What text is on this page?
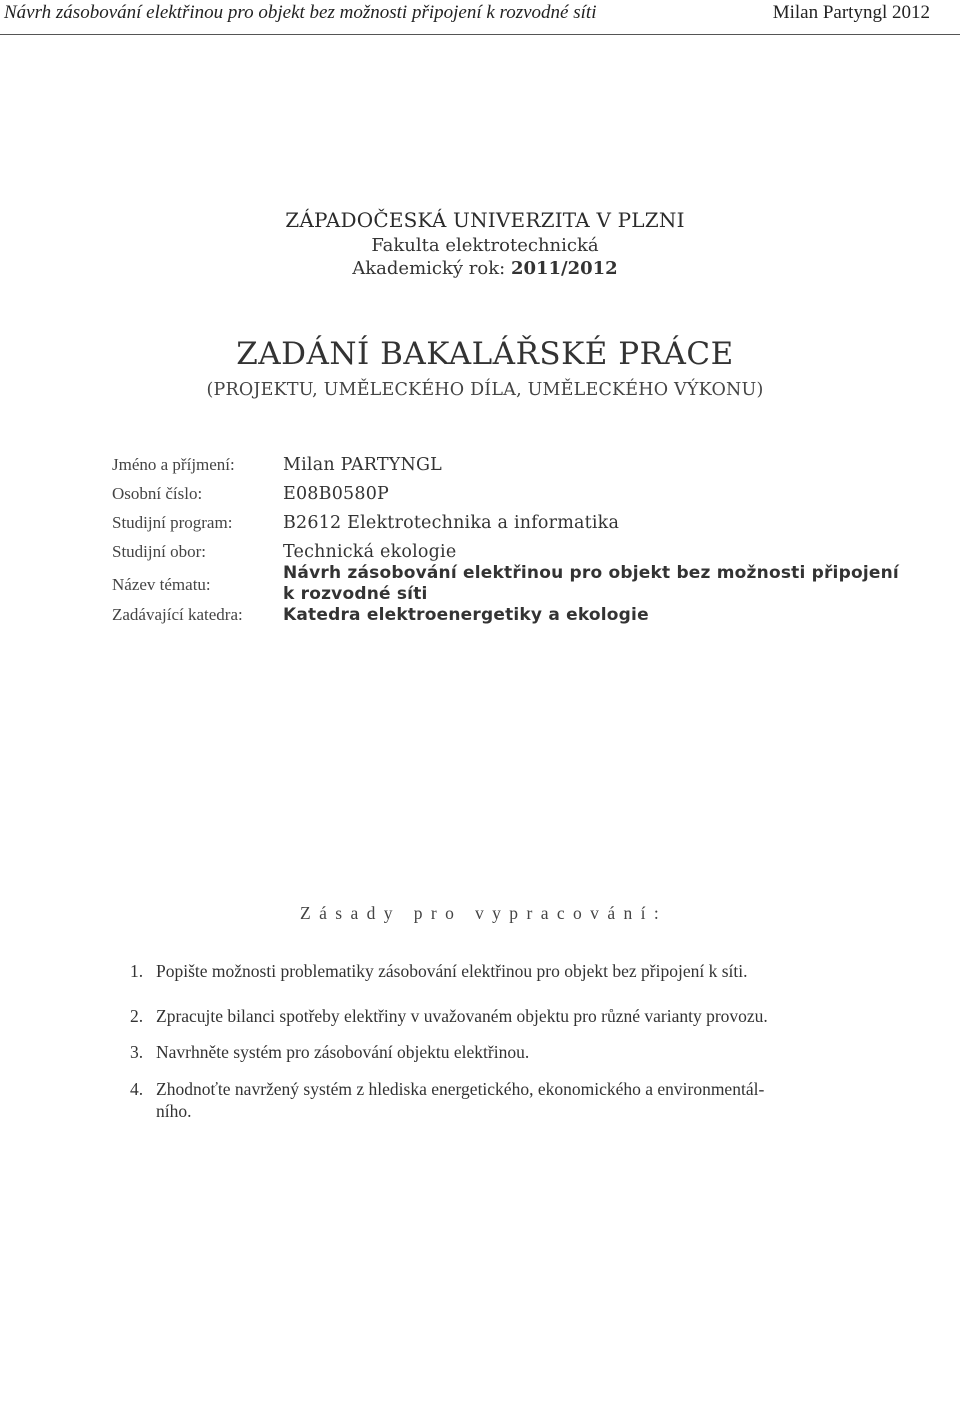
Návrh zásobování elektřinou pro objekt bez možnosti připojení k rozvodné síti	Milan Partyngl 2012
ZÁPADOČESKÁ UNIVERZITA V PLZNI
Fakulta elektrotechnická
Akademický rok: 2011/2012
ZADÁNÍ BAKALÁŘSKÉ PRÁCE
(PROJEKTU, UMĚLECKÉHO DÍLA, UMĚLECKÉHO VÝKONU)
Jméno a příjmení:	Milan PARTYNGL
Osobní číslo:	E08B0580P
Studijní program:	B2612 Elektrotechnika a informatika
Studijní obor:	Technická ekologie
Název tématu:
Návrh zásobování elektřinou pro objekt bez možnosti připojení
k rozvodné síti
Zadávající katedra: Katedra elektroenergetiky a ekologie
Zásady pro vypracování:
1. Popište možnosti problematiky zásobování elektřinou pro objekt bez připojení k síti.
2. Zpracujte bilanci spotřeby elektřiny v uvažovaném objektu pro různé varianty provozu.
3. Navrhněte systém pro zásobování objektu elektřinou.
4. Zhodnoťte navržený systém z hlediska energetického, ekonomického a environmentál-
ního.
